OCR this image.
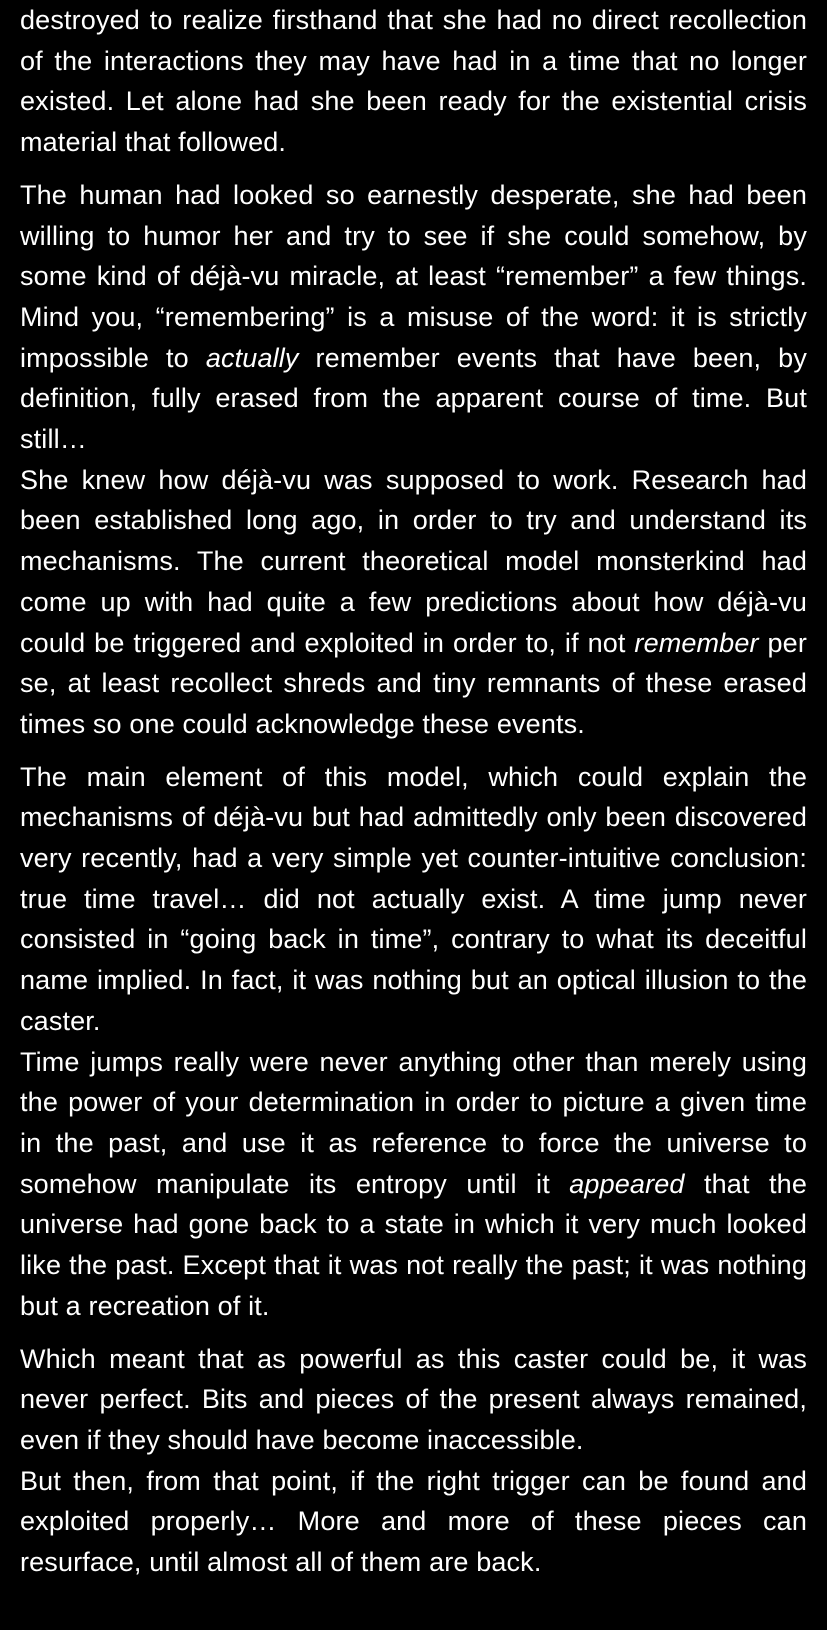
destroyed to realize firsthand that she had no direct recollection of the interactions they may have had in a time that no longer existed. Let alone had she been ready for the existential crisis material that followed.

The human had looked so earnestly desperate, she had been willing to humor her and try to see if she could somehow, by some kind of déjà-vu miracle, at least “remember” a few things. Mind you, “remembering” is a misuse of the word: it is strictly impossible to actually remember events that have been, by definition, fully erased from the apparent course of time. But still…

She knew how déjà-vu was supposed to work. Research had been established long ago, in order to try and understand its mechanisms. The current theoretical model monsterkind had come up with had quite a few predictions about how déjà-vu could be triggered and exploited in order to, if not remember per se, at least recollect shreds and tiny remnants of these erased times so one could acknowledge these events.

The main element of this model, which could explain the mechanisms of déjà-vu but had admittedly only been discovered very recently, had a very simple yet counter-intuitive conclusion: true time travel… did not actually exist. A time jump never consisted in “going back in time”, contrary to what its deceitful name implied. In fact, it was nothing but an optical illusion to the caster.

Time jumps really were never anything other than merely using the power of your determination in order to picture a given time in the past, and use it as reference to force the universe to somehow manipulate its entropy until it appeared that the universe had gone back to a state in which it very much looked like the past. Except that it was not really the past; it was nothing but a recreation of it.

Which meant that as powerful as this caster could be, it was never perfect. Bits and pieces of the present always remained, even if they should have become inaccessible.

But then, from that point, if the right trigger can be found and exploited properly… More and more of these pieces can resurface, until almost all of them are back.
